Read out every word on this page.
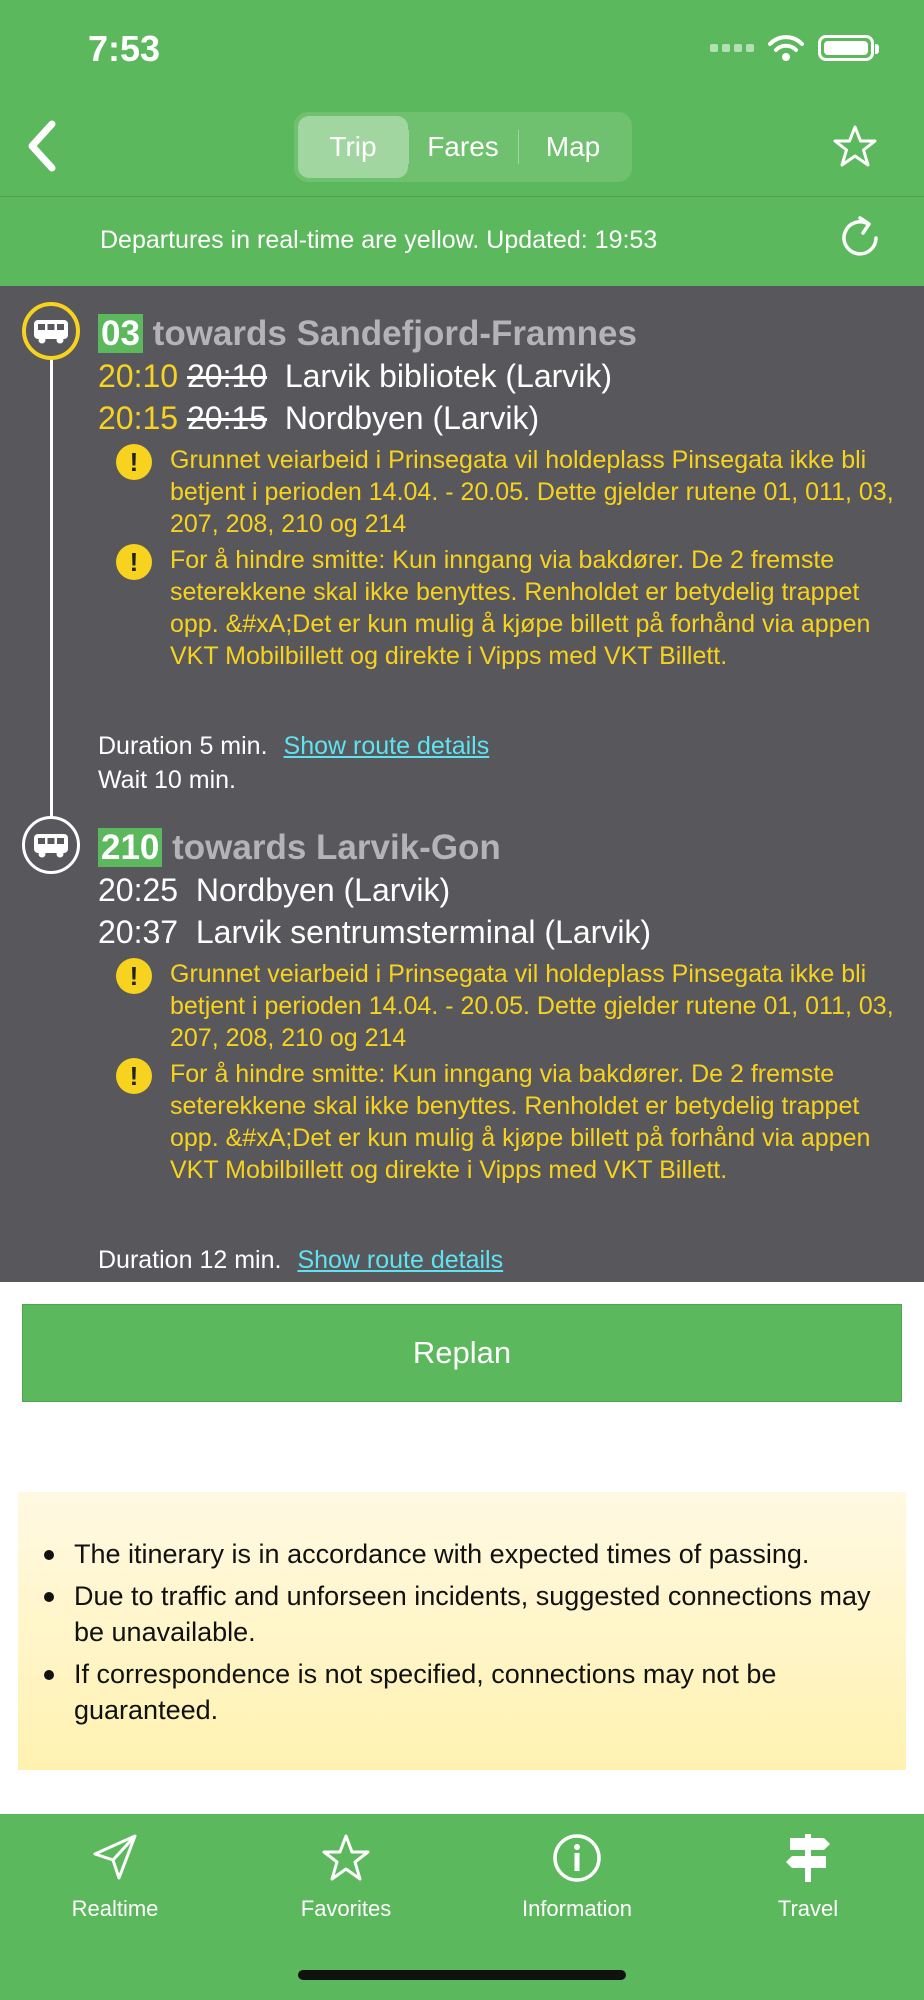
7:53
Trip	Fares	Map
Departures in real-time are yellow. Updated: 19:53
03 towards Sandefjord-Framnes
20:10 20:10 Larvik bibliotek (Larvik)
20:15 20:15 Nordbyen (Larvik)
!	Grunnet veiarbeid i Prinsegata vil holdeplass Pinsegata ikke bli betjent i perioden 14.04. - 20.05. Dette gjelder rutene 01, 011, 03, 207, 208, 210 og 214
!	For å hindre smitte: Kun inngang via bakdører. De 2 fremste seterekkene skal ikke benyttes. Renholdet er betydelig trappet opp. &#xA;Det er kun mulig å kjøpe billett på forhånd via appen VKT Mobilbillett og direkte i Vipps med VKT Billett.
Duration 5 min. Show route details
Wait 10 min.
210 towards Larvik-Gon
20:25 Nordbyen (Larvik)
20:37 Larvik sentrumsterminal (Larvik)
!	Grunnet veiarbeid i Prinsegata vil holdeplass Pinsegata ikke bli betjent i perioden 14.04. - 20.05. Dette gjelder rutene 01, 011, 03, 207, 208, 210 og 214
!	For å hindre smitte: Kun inngang via bakdører. De 2 fremste seterekkene skal ikke benyttes. Renholdet er betydelig trappet opp. &#xA;Det er kun mulig å kjøpe billett på forhånd via appen VKT Mobilbillett og direkte i Vipps med VKT Billett.
Duration 12 min. Show route details
Replan
The itinerary is in accordance with expected times of passing.
Due to traffic and unforseen incidents, suggested connections may be unavailable.
If correspondence is not specified, connections may not be guaranteed.
Realtime	Favorites	Information	Travel
